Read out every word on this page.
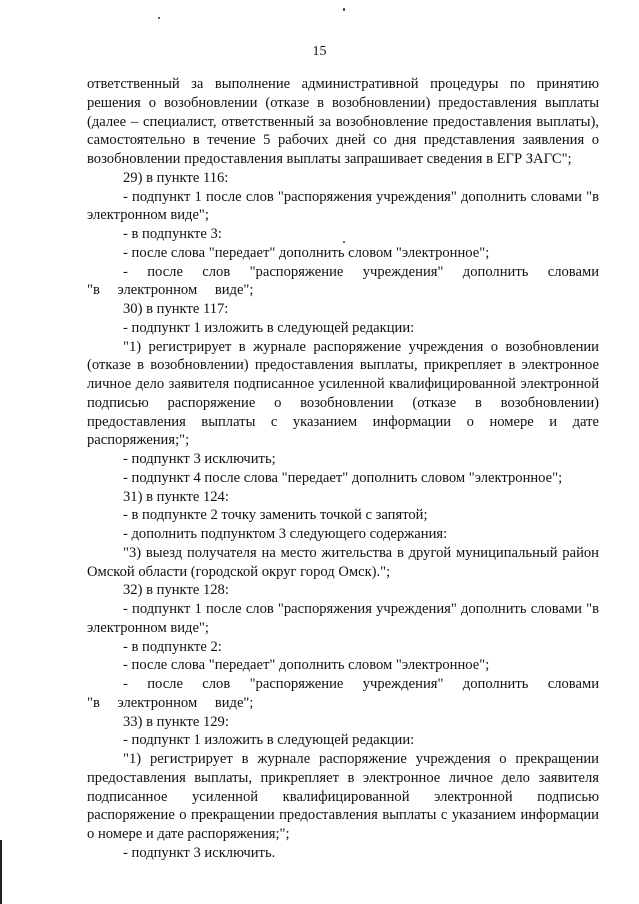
15

ответственный за выполнение административной процедуры по принятию решения о возобновлении (отказе в возобновлении) предоставления выплаты (далее – специалист, ответственный за возобновление предоставления выплаты), самостоятельно в течение 5 рабочих дней со дня представления заявления о возобновлении предоставления выплаты запрашивает сведения в ЕГР ЗАГС";

29) в пункте 116:

- подпункт 1 после слов "распоряжения учреждения" дополнить словами "в электронном виде";

- в подпункте 3:

- после слова "передает" дополнить словом "электронное";

- после слов "распоряжение учреждения" дополнить словами "в электронном виде";

30) в пункте 117:

- подпункт 1 изложить в следующей редакции:

"1) регистрирует в журнале распоряжение учреждения о возобновлении (отказе в возобновлении) предоставления выплаты, прикрепляет в электронное личное дело заявителя подписанное усиленной квалифицированной электронной подписью распоряжение о возобновлении (отказе в возобновлении) предоставления выплаты с указанием информации о номере и дате распоряжения;";

- подпункт 3 исключить;

- подпункт 4 после слова "передает" дополнить словом "электронное";

31) в пункте 124:

- в подпункте 2 точку заменить точкой с запятой;

- дополнить подпунктом 3 следующего содержания:

"3) выезд получателя на место жительства в другой муниципальный район Омской области (городской округ город Омск).";

32) в пункте 128:

- подпункт 1 после слов "распоряжения учреждения" дополнить словами "в электронном виде";

- в подпункте 2:

- после слова "передает" дополнить словом "электронное";

- после слов "распоряжение учреждения" дополнить словами "в электронном виде";

33) в пункте 129:

- подпункт 1 изложить в следующей редакции:

"1) регистрирует в журнале распоряжение учреждения о прекращении предоставления выплаты, прикрепляет в электронное личное дело заявителя подписанное усиленной квалифицированной электронной подписью распоряжение о прекращении предоставления выплаты с указанием информации о номере и дате распоряжения;";

- подпункт 3 исключить.
